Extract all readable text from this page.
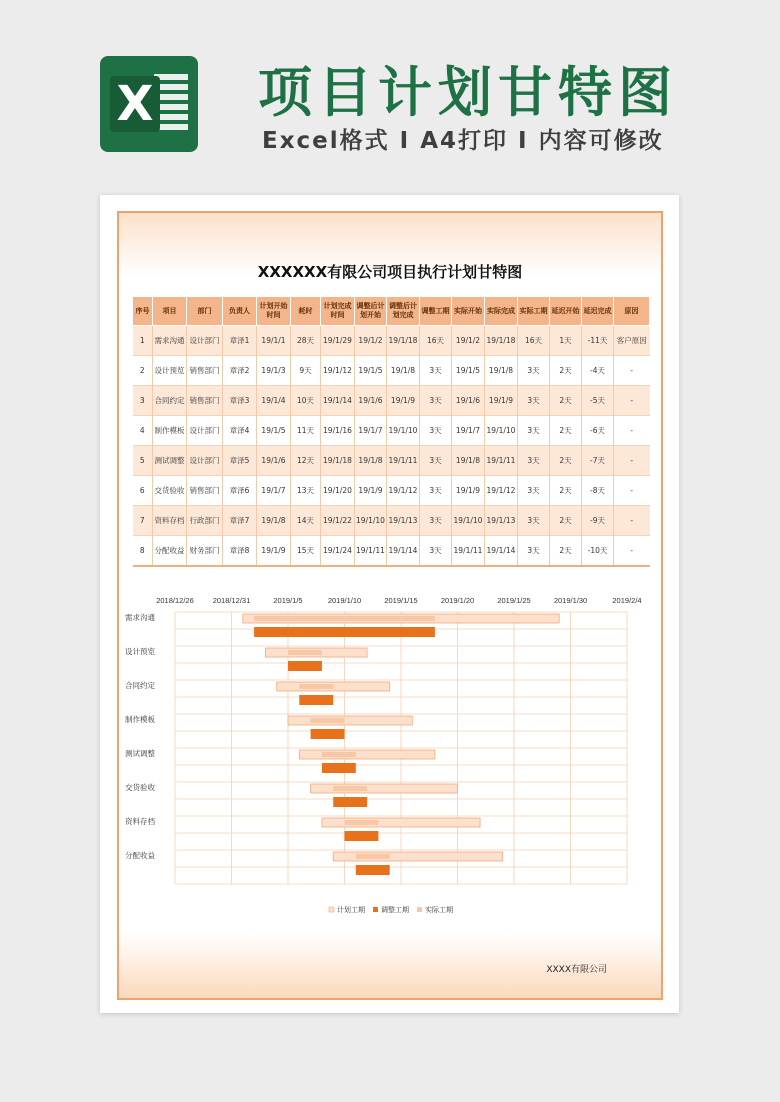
X 项目计划甘特图
Excel格式 I A4打印 I 内容可修改
XXXXXX有限公司项目执行计划甘特图
序号	项目	部门	负责人	计划开始时间	耗时	计划完成时间	调整后计划开始	调整后计划完成	调整工期	实际开始	实际完成	实际工期	延迟开始	延迟完成	原因
1	需求沟通	设计部门	章泽1	19/1/1	28天	19/1/29	19/1/2	19/1/18	16天	19/1/2	19/1/18	16天	1天	-11天	客户原因
2	设计预览	销售部门	章泽2	19/1/3	9天	19/1/12	19/1/5	19/1/8	3天	19/1/5	19/1/8	3天	2天	-4天	-
3	合同约定	销售部门	章泽3	19/1/4	10天	19/1/14	19/1/6	19/1/9	3天	19/1/6	19/1/9	3天	2天	-5天	-
4	制作模板	设计部门	章泽4	19/1/5	11天	19/1/16	19/1/7	19/1/10	3天	19/1/7	19/1/10	3天	2天	-6天	-
5	测试调整	设计部门	章泽5	19/1/6	12天	19/1/18	19/1/8	19/1/11	3天	19/1/8	19/1/11	3天	2天	-7天	-
6	交货验收	销售部门	章泽6	19/1/7	13天	19/1/20	19/1/9	19/1/12	3天	19/1/9	19/1/12	3天	2天	-8天	-
7	资料存档	行政部门	章泽7	19/1/8	14天	19/1/22	19/1/10	19/1/13	3天	19/1/10	19/1/13	3天	2天	-9天	-
8	分配收益	财务部门	章泽8	19/1/9	15天	19/1/24	19/1/11	19/1/14	3天	19/1/11	19/1/14	3天	2天	-10天	-
2018/12/26	2018/12/31	2019/1/5	2019/1/10	2019/1/15	2019/1/20	2019/1/25	2019/1/30	2019/2/4
需求沟通
设计预览
合同约定
制作模板
测试调整
交货验收
资料存档
分配收益
计划工期 调整工期 实际工期
XXXX有限公司
